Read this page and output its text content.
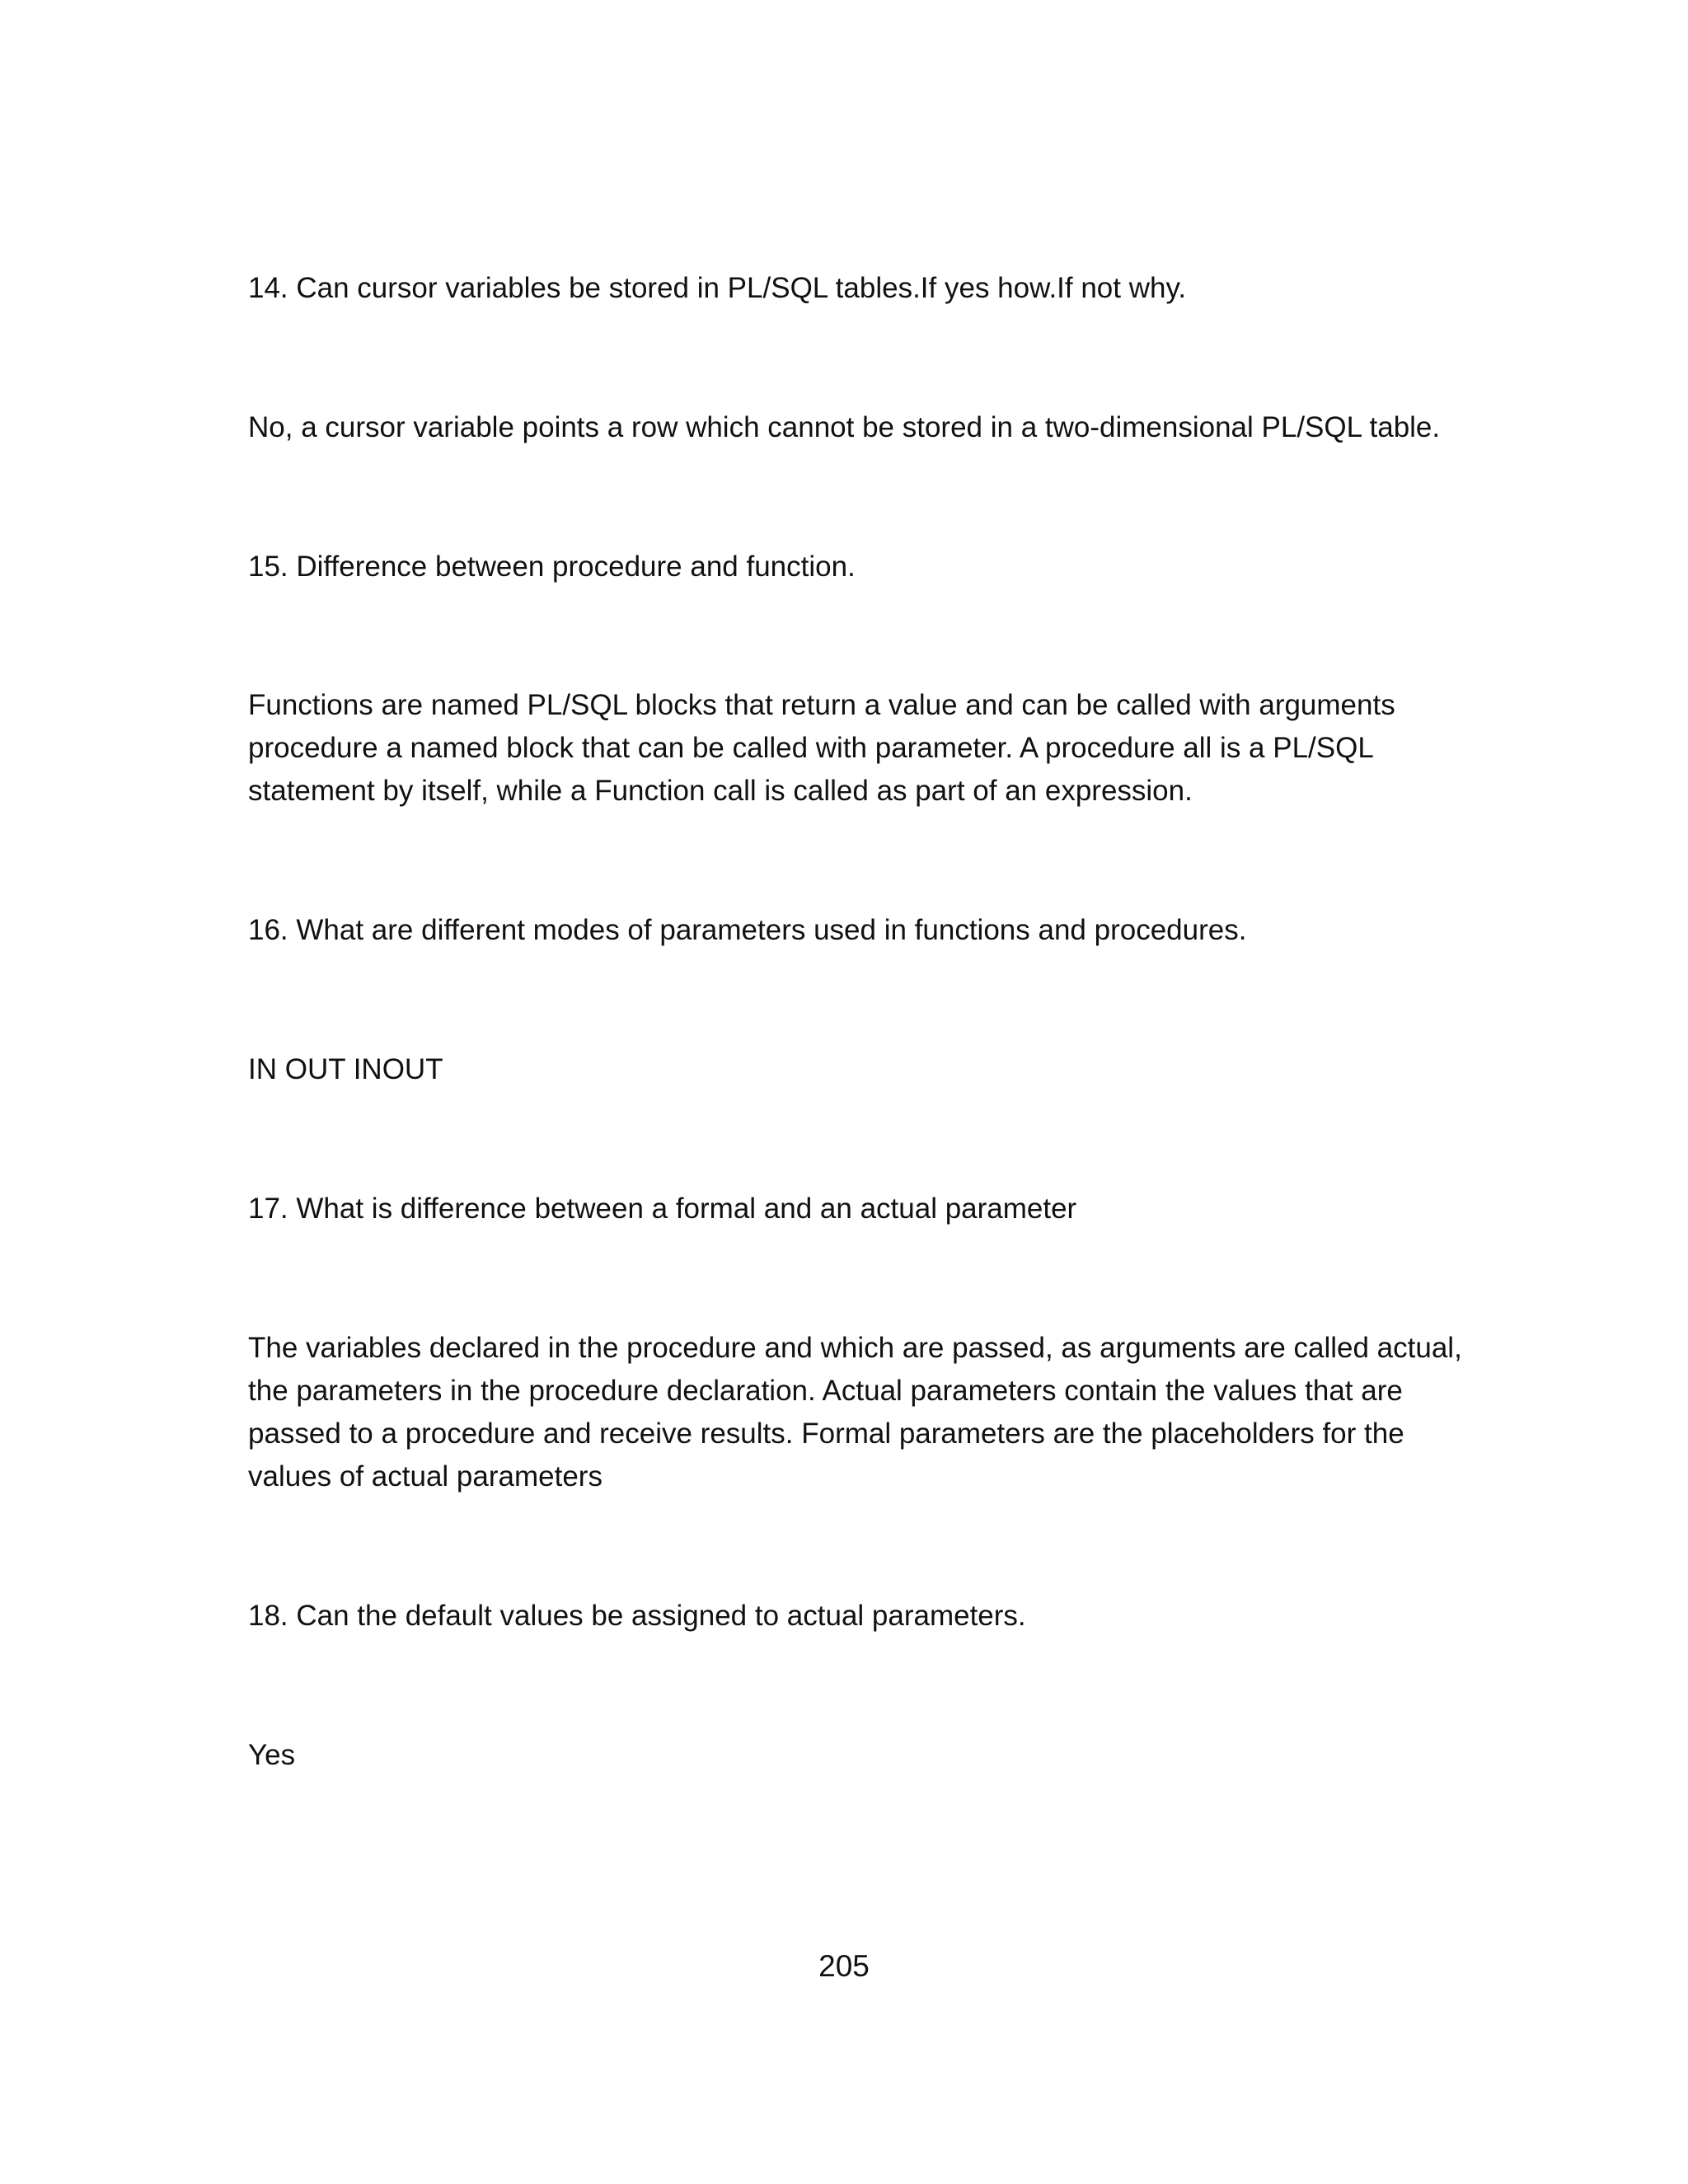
14. Can cursor variables be stored in PL/SQL tables.If yes how.If not why.

No, a cursor variable points a row which cannot be stored in a two-dimensional PL/SQL table.

15. Difference between procedure and function.

Functions are named PL/SQL blocks that return a value and can be called with arguments
procedure a named block that can be called with parameter. A procedure all is a PL/SQL
statement by itself, while a Function call is called as part of an expression.

16. What are different modes of parameters used in functions and procedures.

IN OUT INOUT

17. What is difference between a formal and an actual parameter

The variables declared in the procedure and which are passed, as arguments are called actual,
the parameters in the procedure declaration. Actual parameters contain the values that are
passed to a procedure and receive results. Formal parameters are the placeholders for the
values of actual parameters

18. Can the default values be assigned to actual parameters.

Yes

205
